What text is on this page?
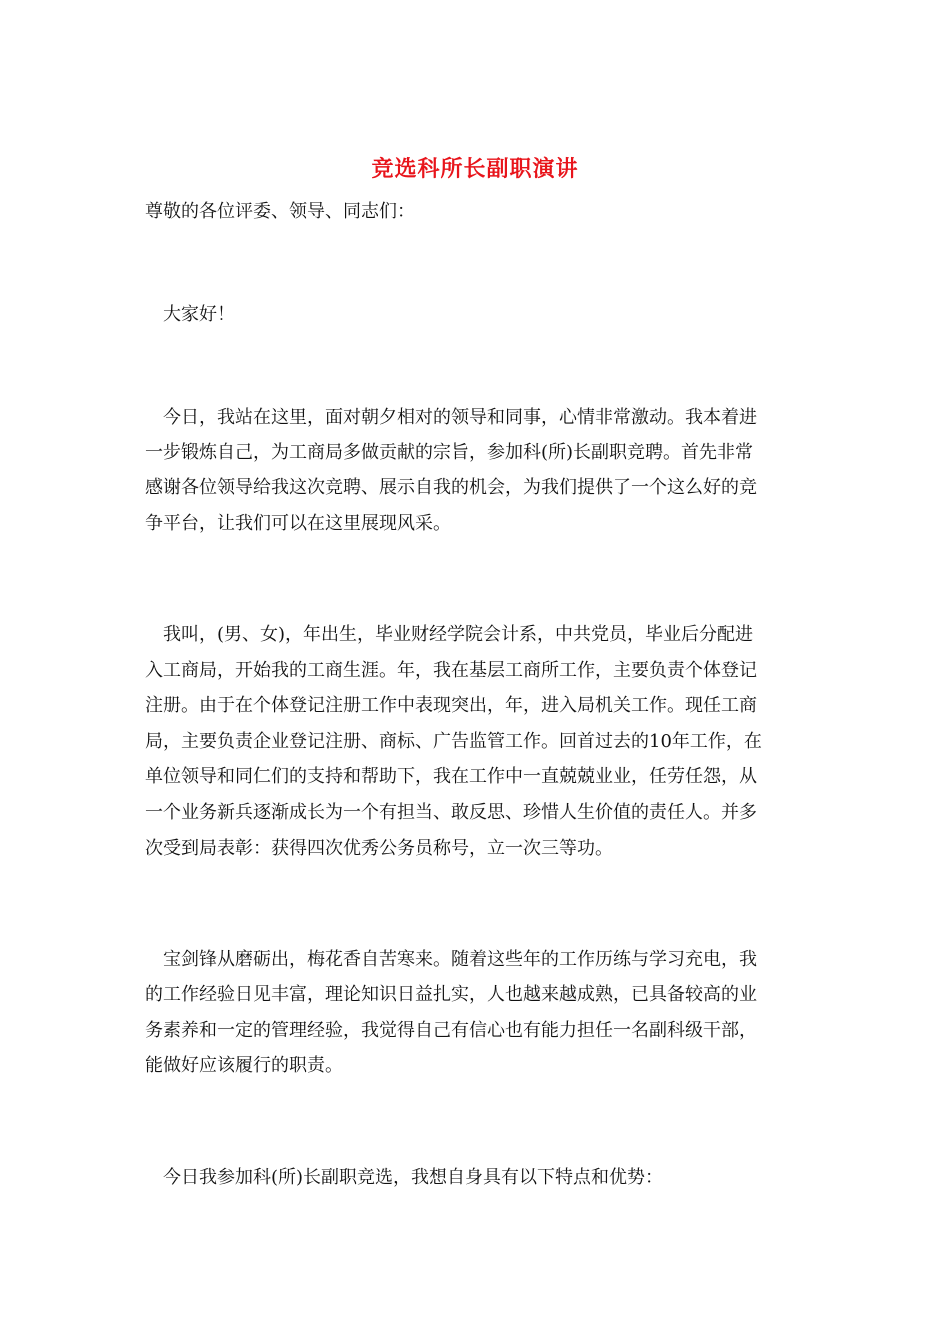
竞选科所长副职演讲

尊敬的各位评委、领导、同志们：

大家好！

今日，我站在这里，面对朝夕相对的领导和同事，心情非常激动。我本着进

一步锻炼自己，为工商局多做贡献的宗旨，参加科(所)长副职竞聘。首先非常

感谢各位领导给我这次竞聘、展示自我的机会，为我们提供了一个这么好的竞

争平台，让我们可以在这里展现风采。

我叫，(男、女)，年出生，毕业财经学院会计系，中共党员，毕业后分配进

入工商局，开始我的工商生涯。年，我在基层工商所工作，主要负责个体登记

注册。由于在个体登记注册工作中表现突出，年，进入局机关工作。现任工商

局，主要负责企业登记注册、商标、广告监管工作。回首过去的10年工作，在

单位领导和同仁们的支持和帮助下，我在工作中一直兢兢业业，任劳任怨，从

一个业务新兵逐渐成长为一个有担当、敢反思、珍惜人生价值的责任人。并多

次受到局表彰：获得四次优秀公务员称号，立一次三等功。

宝剑锋从磨砺出，梅花香自苦寒来。随着这些年的工作历练与学习充电，我

的工作经验日见丰富，理论知识日益扎实，人也越来越成熟，已具备较高的业

务素养和一定的管理经验，我觉得自己有信心也有能力担任一名副科级干部，

能做好应该履行的职责。

今日我参加科(所)长副职竞选，我想自身具有以下特点和优势：
